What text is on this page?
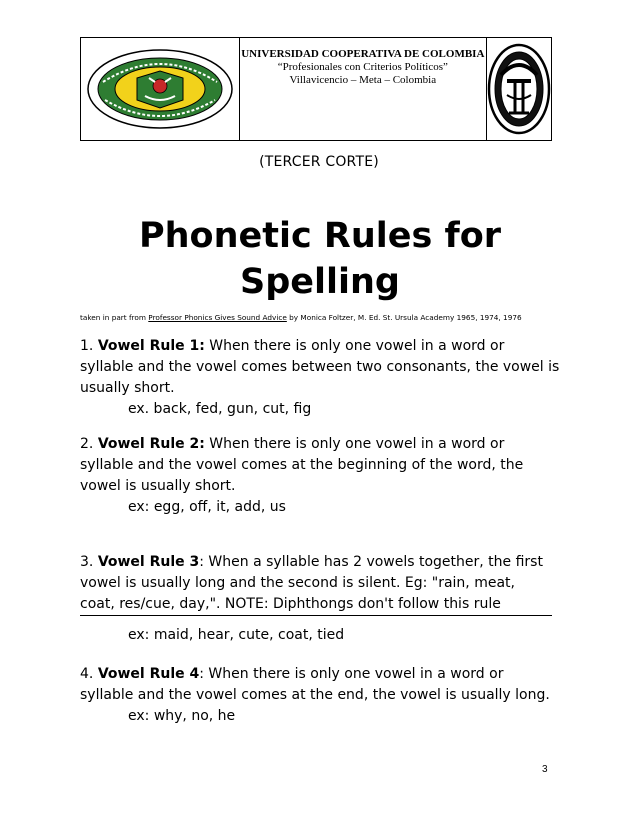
UNIVERSIDAD COOPERATIVA DE COLOMBIA
“Profesionales con Criterios Políticos”
Villavicencio – Meta – Colombia
(TERCER CORTE)
Phonetic Rules for
Spelling
taken in part from Professor Phonics Gives Sound Advice by Monica Foltzer, M. Ed. St. Ursula Academy 1965, 1974, 1976

1. Vowel Rule 1: When there is only one vowel in a word or syllable and the vowel comes between two consonants, the vowel is usually short.

ex. back, fed, gun, cut, fig

2. Vowel Rule 2: When there is only one vowel in a word or syllable and the vowel comes at the beginning of the word, the vowel is usually short.

ex: egg, off, it, add, us

3. Vowel Rule 3: When a syllable has 2 vowels together, the first vowel is usually long and the second is silent. Eg: "rain, meat, coat, res/cue, day,". NOTE: Diphthongs don't follow this rule

ex: maid, hear, cute, coat, tied

4. Vowel Rule 4: When there is only one vowel in a word or syllable and the vowel comes at the end, the vowel is usually long.

ex: why, no, he

3
